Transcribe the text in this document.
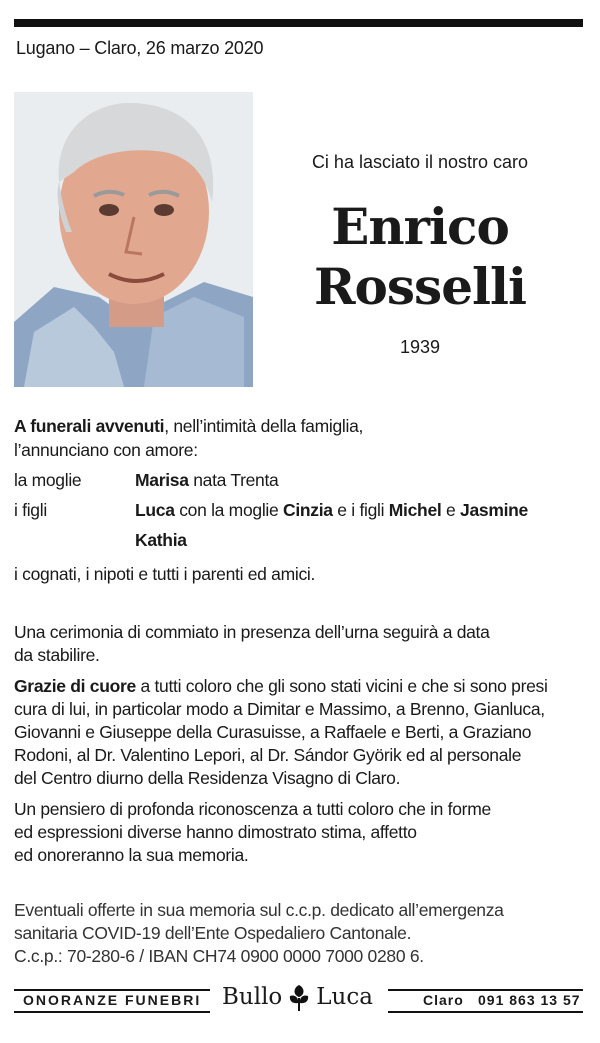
Lugano – Claro, 26 marzo 2020
Ci ha lasciato il nostro caro
Enrico
Rosselli
1939
A funerali avvenuti, nell’intimità della famiglia,
l’annunciano con amore:
la moglie	Marisa nata Trenta
i figli	Luca con la moglie Cinzia e i figli Michel e Jasmine
Kathia
i cognati, i nipoti e tutti i parenti ed amici.
Una cerimonia di commiato in presenza dell’urna seguirà a data
da stabilire.
Grazie di cuore a tutti coloro che gli sono stati vicini e che si sono presi
cura di lui, in particolar modo a Dimitar e Massimo, a Brenno, Gianluca,
Giovanni e Giuseppe della Curasuisse, a Raffaele e Berti, a Graziano
Rodoni, al Dr. Valentino Lepori, al Dr. Sándor Györik ed al personale
del Centro diurno della Residenza Visagno di Claro.
Un pensiero di profonda riconoscenza a tutti coloro che in forme
ed espressioni diverse hanno dimostrato stima, affetto
ed onoreranno la sua memoria.
Eventuali offerte in sua memoria sul c.c.p. dedicato all’emergenza
sanitaria COVID-19 dell’Ente Ospedaliero Cantonale.
C.c.p.: 70-280-6 / IBAN CH74 0900 0000 7000 0280 6.
ONORANZE FUNEBRI Bullo Luca	Claro 091 863 13 57
